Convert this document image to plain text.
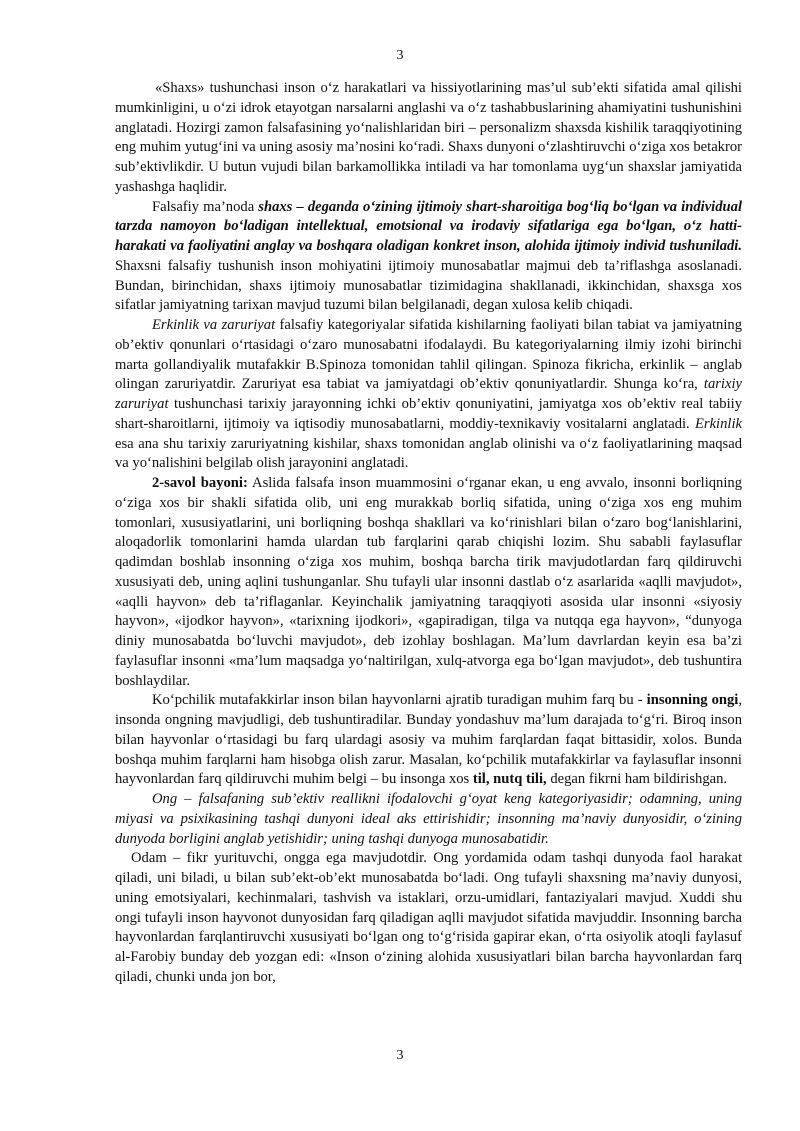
3

«Shaxs» tushunchasi inson o‘z harakatlari va hissiyotlarining mas’ul sub’ekti sifatida amal qilishi mumkinligini, u o‘zi idrok etayotgan narsalarni anglashi va o‘z tashabbuslarining ahamiyatini tushunishini anglatadi. Hozirgi zamon falsafasining yo‘nalishlaridan biri – personalizm shaxsda kishilik taraqqiyotining eng muhim yutug‘ini va uning asosiy ma’nosini ko‘radi. Shaxs dunyoni o‘zlashtiruvchi o‘ziga xos betakror sub’ektivlikdir. U butun vujudi bilan barkamollikka intiladi va har tomonlama uyg‘un shaxslar jamiyatida yashashga haqlidir.

Falsafiy ma’noda shaxs – deganda o‘zining ijtimoiy shart-sharoitiga bog‘liq bo‘lgan va individual tarzda namoyon bo‘ladigan intellektual, emotsional va irodaviy sifatlariga ega bo‘lgan, o‘z hatti-harakati va faoliyatini anglay va boshqara oladigan konkret inson, alohida ijtimoiy individ tushuniladi. Shaxsni falsafiy tushunish inson mohiyatini ijtimoiy munosabatlar majmui deb ta’riflashga asoslanadi. Bundan, birinchidan, shaxs ijtimoiy munosabatlar tizimidagina shakllanadi, ikkinchidan, shaxsga xos sifatlar jamiyatning tarixan mavjud tuzumi bilan belgilanadi, degan xulosa kelib chiqadi.

Erkinlik va zaruriyat falsafiy kategoriyalar sifatida kishilarning faoliyati bilan tabiat va jamiyatning ob’ektiv qonunlari o‘rtasidagi o‘zaro munosabatni ifodalaydi. Bu kategoriyalarning ilmiy izohi birinchi marta gollandiyalik mutafakkir B.Spinoza tomonidan tahlil qilingan. Spinoza fikricha, erkinlik – anglab olingan zaruriyatdir. Zaruriyat esa tabiat va jamiyatdagi ob’ektiv qonuniyatlardir. Shunga ko‘ra, tarixiy zaruriyat tushunchasi tarixiy jarayonning ichki ob’ektiv qonuniyatini, jamiyatga xos ob’ektiv real tabiiy shart-sharoitlarni, ijtimoiy va iqtisodiy munosabatlarni, moddiy-texnikaviy vositalarni anglatadi. Erkinlik esa ana shu tarixiy zaruriyatning kishilar, shaxs tomonidan anglab olinishi va o‘z faoliyatlarining maqsad va yo‘nalishini belgilab olish jarayonini anglatadi.

2-savol bayoni: Aslida falsafa inson muammosini o‘rganar ekan, u eng avvalo, insonni borliqning o‘ziga xos bir shakli sifatida olib, uni eng murakkab borliq sifatida, uning o‘ziga xos eng muhim tomonlari, xususiyatlarini, uni borliqning boshqa shakllari va ko‘rinishlari bilan o‘zaro bog‘lanishlarini, aloqadorlik tomonlarini hamda ulardan tub farqlarini qarab chiqishi lozim. Shu sababli faylasuflar qadimdan boshlab insonning o‘ziga xos muhim, boshqa barcha tirik mavjudotlardan farq qildiruvchi xususiyati deb, uning aqlini tushunganlar. Shu tufayli ular insonni dastlab o‘z asarlarida «aqlli mavjudot», «aqlli hayvon» deb ta’riflaganlar. Keyinchalik jamiyatning taraqqiyoti asosida ular insonni «siyosiy hayvon», «ijodkor hayvon», «tarixning ijodkori», «gapiradigan, tilga va nutqqa ega hayvon», “dunyoga diniy munosabatda bo‘luvchi mavjudot», deb izohlay boshlagan. Ma’lum davrlardan keyin esa ba’zi faylasuflar insonni «ma’lum maqsadga yo‘naltirilgan, xulq-atvorga ega bo‘lgan mavjudot», deb tushuntira boshlaydilar.

Ko‘pchilik mutafakkirlar inson bilan hayvonlarni ajratib turadigan muhim farq bu - insonning ongi, insonda ongning mavjudligi, deb tushuntiradilar. Bunday yondashuv ma’lum darajada to‘g‘ri. Biroq inson bilan hayvonlar o‘rtasidagi bu farq ulardagi asosiy va muhim farqlardan faqat bittasidir, xolos. Bunda boshqa muhim farqlarni ham hisobga olish zarur. Masalan, ko‘pchilik mutafakkirlar va faylasuflar insonni hayvonlardan farq qildiruvchi muhim belgi – bu insonga xos til, nutq tili, degan fikrni ham bildirishgan.

Ong – falsafaning sub’ektiv reallikni ifodalovchi g‘oyat keng kategoriyasidir; odamning, uning miyasi va psixikasining tashqi dunyoni ideal aks ettirishidir; insonning ma’naviy dunyosidir, o‘zining dunyoda borligini anglab yetishidir; uning tashqi dunyoga munosabatidir.

Odam – fikr yurituvchi, ongga ega mavjudotdir. Ong yordamida odam tashqi dunyoda faol harakat qiladi, uni biladi, u bilan sub’ekt-ob’ekt munosabatda bo‘ladi. Ong tufayli shaxsning ma’naviy dunyosi, uning emotsiyalari, kechinmalari, tashvish va istaklari, orzu-umidlari, fantaziyalari mavjud. Xuddi shu ongi tufayli inson hayvonot dunyosidan farq qiladigan aqlli mavjudot sifatida mavjuddir. Insonning barcha hayvonlardan farqlantiruvchi xususiyati bo‘lgan ong to‘g‘risida gapirar ekan, o‘rta osiyolik atoqli faylasuf al-Farobiy bunday deb yozgan edi: «Inson o‘zining alohida xususiyatlari bilan barcha hayvonlardan farq qiladi, chunki unda jon bor,

3
